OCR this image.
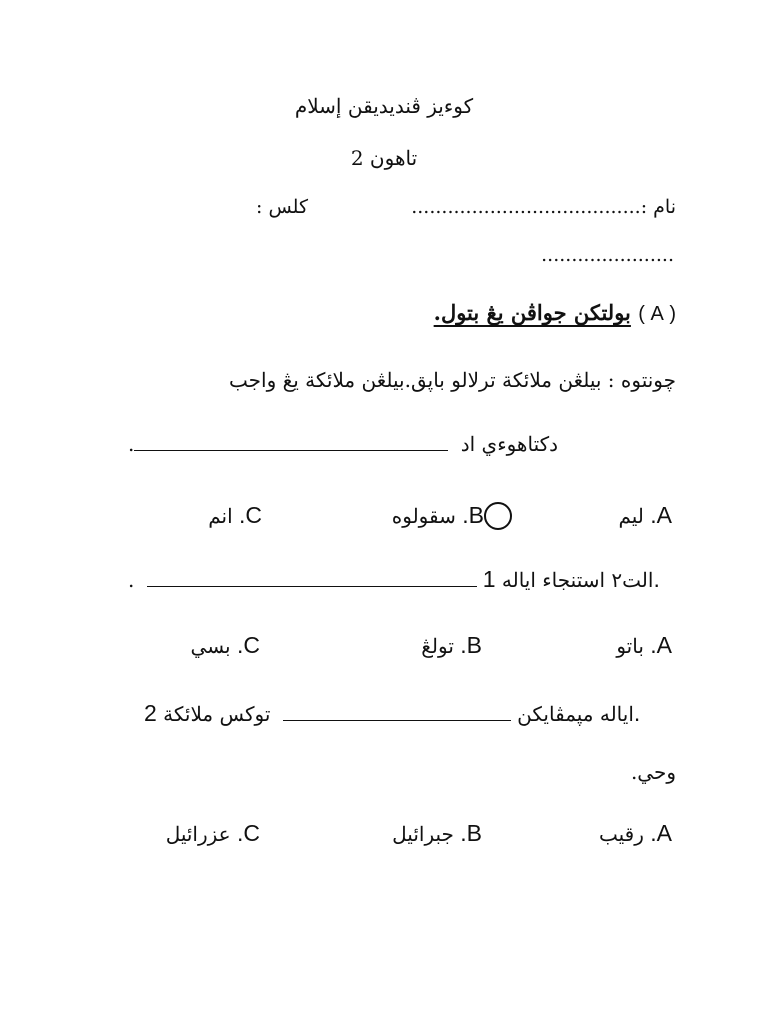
كوءيز ڤنديديقن إسلام
تاهون 2
نام :......................................
كلس :
......................
( A ) بولتكن جواڤن يڠ بتول.
چونتوه : بيلڠن ملائكة ترلالو باڽق.بيلڠن ملائكة يڠ واجب
.	دكتاهوءي اد
A. ليم
B. سقولوه
C. انم
.	الت٢ استنجاء اياله 1.
A. باتو
B. تولڠ
C. بسي
اياله مپمڤايكن  توکس ملائكة 2.
وحي.
A. رقيب
B. جبرائيل
C. عزرائيل
